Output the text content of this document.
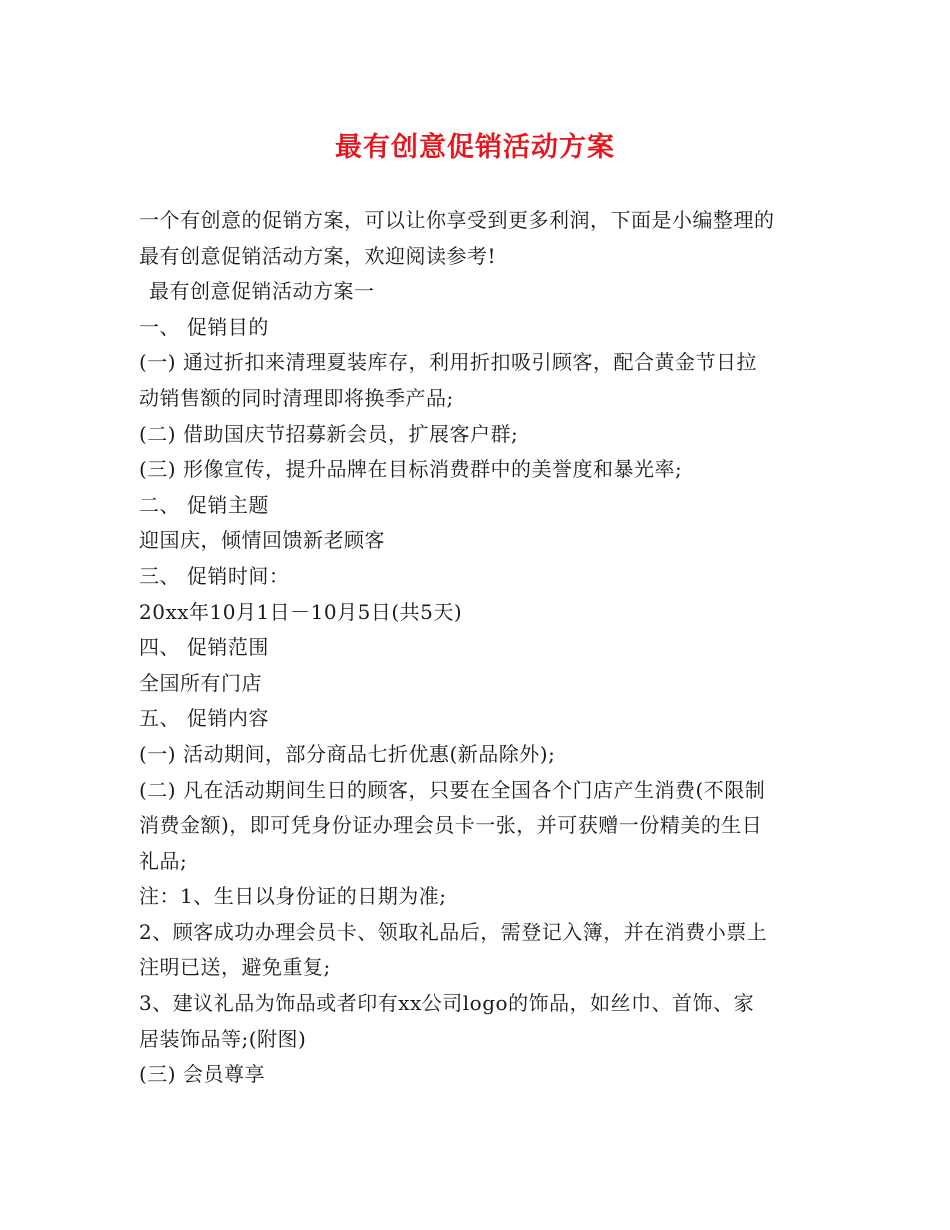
最有创意促销活动方案
一个有创意的促销方案，可以让你享受到更多利润，下面是小编整理的
最有创意促销活动方案，欢迎阅读参考!
最有创意促销活动方案一
一、 促销目的
(一) 通过折扣来清理夏装库存，利用折扣吸引顾客，配合黄金节日拉
动销售额的同时清理即将换季产品;
(二) 借助国庆节招募新会员，扩展客户群;
(三) 形像宣传，提升品牌在目标消费群中的美誉度和暴光率;
二、 促销主题
迎国庆，倾情回馈新老顾客
三、 促销时间：
20xx年10月1日－10月5日(共5天)
四、 促销范围
全国所有门店
五、 促销内容
(一) 活动期间，部分商品七折优惠(新品除外);
(二) 凡在活动期间生日的顾客，只要在全国各个门店产生消费(不限制
消费金额)，即可凭身份证办理会员卡一张，并可获赠一份精美的生日
礼品;
注：1、生日以身份证的日期为准;
2、顾客成功办理会员卡、领取礼品后，需登记入簿，并在消费小票上
注明已送，避免重复;
3、建议礼品为饰品或者印有xx公司logo的饰品，如丝巾、首饰、家
居装饰品等;(附图)
(三) 会员尊享
